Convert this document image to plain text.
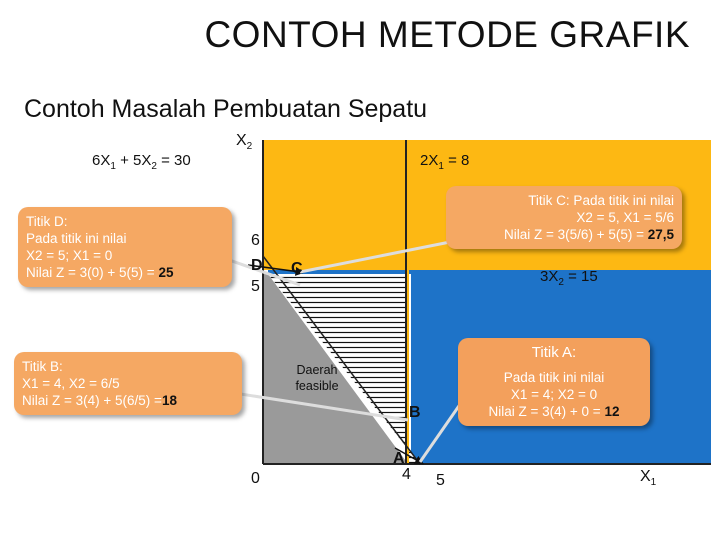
CONTOH METODE GRAFIK
Contoh Masalah Pembuatan Sepatu
$X_2$
$X_1$
$6X_1 + 5X_2 = 30$	$2X_1 = 8$
$3X_2 = 15$
6
5
0	4 5
D C
B
A
Daerah
feasible
Titik D:
Pada titik ini nilai
X2 = 5; X1 = 0
Nilai Z = 3(0) + 5(5) = 25
Titik B:
X1 = 4, X2 = 6/5
Nilai Z = 3(4) + 5(6/5) =18
Titik C: Pada titik ini nilai
X2 = 5, X1 = 5/6
Nilai Z = 3(5/6) + 5(5) = 27,5
Titik A:
Pada titik ini nilai
X1 = 4; X2 = 0
Nilai Z = 3(4) + 0 = 12
